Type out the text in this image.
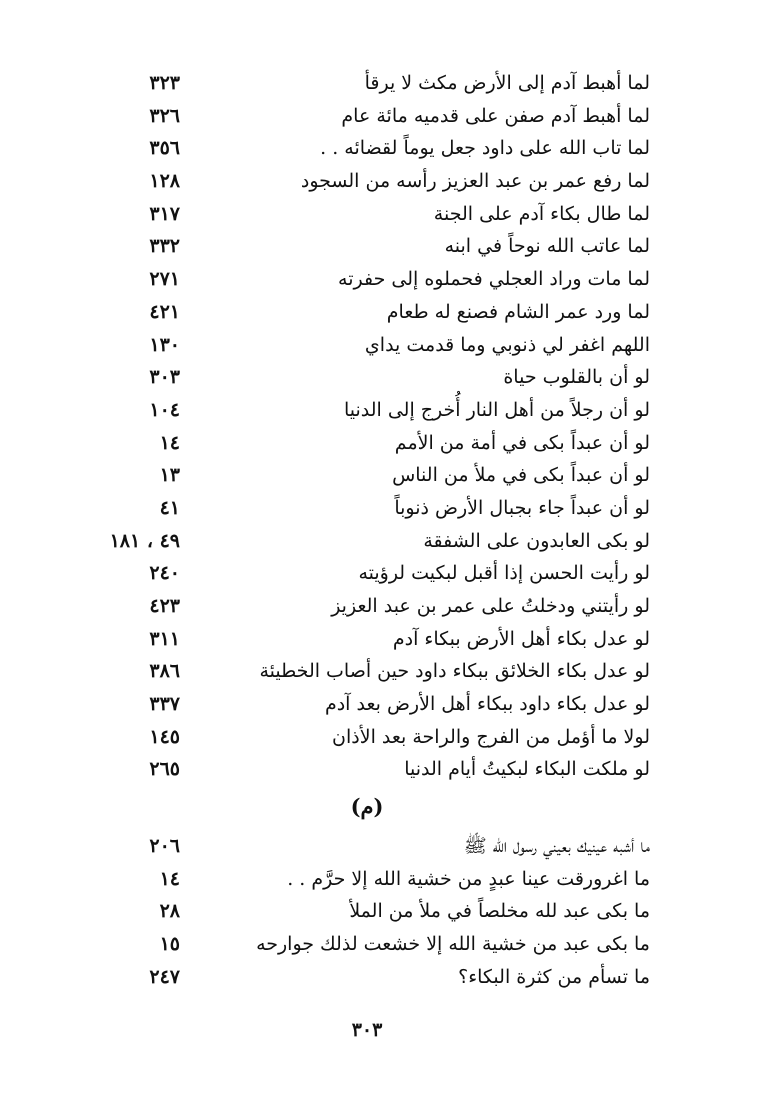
لما أهبط آدم إلى الأرض مكث لا يرقأ
٣٢٣
لما أهبط آدم صفن على قدميه مائة عام
٣٢٦
لما تاب الله على داود جعل يوماً لقضائه . .
٣٥٦
لما رفع عمر بن عبد العزيز رأسه من السجود
١٢٨
لما طال بكاء آدم على الجنة
٣١٧
لما عاتب الله نوحاً في ابنه
٣٣٢
لما مات وراد العجلي فحملوه إلى حفرته
٢٧١
لما ورد عمر الشام فصنع له طعام
٤٢١
اللهم اغفر لي ذنوبي وما قدمت يداي
١٣٠
لو أن بالقلوب حياة
٣٠٣
لو أن رجلاً من أهل النار أُخرج إلى الدنيا
١٠٤
لو أن عبداً بكى في أمة من الأمم
١٤
لو أن عبداً بكى في ملأ من الناس
١٣
لو أن عبداً جاء بجبال الأرض ذنوباً
٤١
لو بكى العابدون على الشفقة
٤٩ ، ١٨١
لو رأيت الحسن إذا أقبل لبكيت لرؤيته
٢٤٠
لو رأيتني ودخلتُ على عمر بن عبد العزيز
٤٢٣
لو عدل بكاء أهل الأرض ببكاء آدم
٣١١
لو عدل بكاء الخلائق ببكاء داود حين أصاب الخطيئة
٣٨٦
لو عدل بكاء داود ببكاء أهل الأرض بعد آدم
٣٣٧
لولا ما أؤمل من الفرج والراحة بعد الأذان
١٤٥
لو ملكت البكاء لبكيتُ أيام الدنيا
٢٦٥
(م)
ما أشبه عينيك بعيني رسول الله ﷺ
٢٠٦
ما اغرورقت عينا عبدٍ من خشية الله إلا حرَّم . .
١٤
ما بكى عبد لله مخلصاً في ملأ من الملأ
٢٨
ما بكى عبد من خشية الله إلا خشعت لذلك جوارحه
١٥
ما تسأم من كثرة البكاء؟
٢٤٧
٣٠٣
